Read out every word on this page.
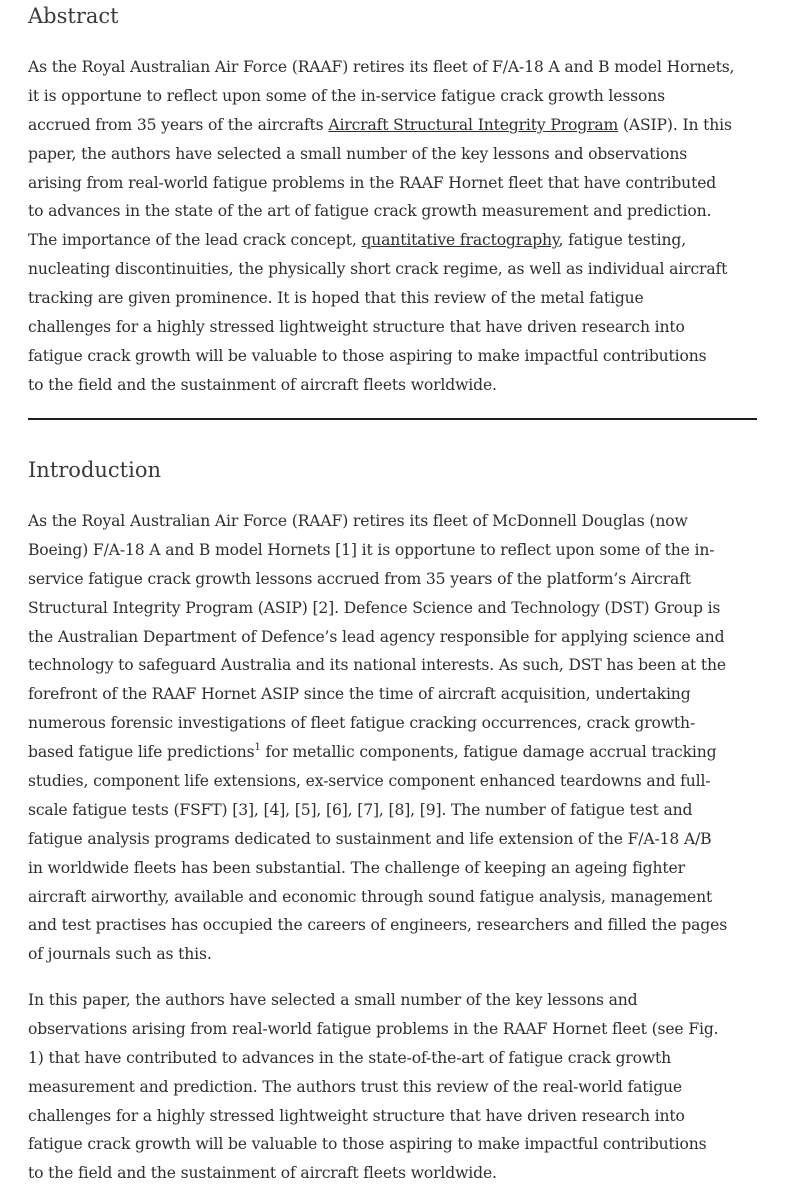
Abstract
As the Royal Australian Air Force (RAAF) retires its fleet of F/A-18 A and B model Hornets,
it is opportune to reflect upon some of the in-service fatigue crack growth lessons
accrued from 35 years of the aircrafts Aircraft Structural Integrity Program (ASIP). In this
paper, the authors have selected a small number of the key lessons and observations
arising from real-world fatigue problems in the RAAF Hornet fleet that have contributed
to advances in the state of the art of fatigue crack growth measurement and prediction.
The importance of the lead crack concept, quantitative fractography, fatigue testing,
nucleating discontinuities, the physically short crack regime, as well as individual aircraft
tracking are given prominence. It is hoped that this review of the metal fatigue
challenges for a highly stressed lightweight structure that have driven research into
fatigue crack growth will be valuable to those aspiring to make impactful contributions
to the field and the sustainment of aircraft fleets worldwide.
Introduction
As the Royal Australian Air Force (RAAF) retires its fleet of McDonnell Douglas (now
Boeing) F/A-18 A and B model Hornets [1] it is opportune to reflect upon some of the in-
service fatigue crack growth lessons accrued from 35 years of the platform’s Aircraft
Structural Integrity Program (ASIP) [2]. Defence Science and Technology (DST) Group is
the Australian Department of Defence’s lead agency responsible for applying science and
technology to safeguard Australia and its national interests. As such, DST has been at the
forefront of the RAAF Hornet ASIP since the time of aircraft acquisition, undertaking
numerous forensic investigations of fleet fatigue cracking occurrences, crack growth-
based fatigue life predictions$^1$ for metallic components, fatigue damage accrual tracking
studies, component life extensions, ex-service component enhanced teardowns and full-
scale fatigue tests (FSFT) [3], [4], [5], [6], [7], [8], [9]. The number of fatigue test and
fatigue analysis programs dedicated to sustainment and life extension of the F/A-18 A/B
in worldwide fleets has been substantial. The challenge of keeping an ageing fighter
aircraft airworthy, available and economic through sound fatigue analysis, management
and test practises has occupied the careers of engineers, researchers and filled the pages
of journals such as this.
In this paper, the authors have selected a small number of the key lessons and
observations arising from real-world fatigue problems in the RAAF Hornet fleet (see Fig.
1) that have contributed to advances in the state-of-the-art of fatigue crack growth
measurement and prediction. The authors trust this review of the real-world fatigue
challenges for a highly stressed lightweight structure that have driven research into
fatigue crack growth will be valuable to those aspiring to make impactful contributions
to the field and the sustainment of aircraft fleets worldwide.
